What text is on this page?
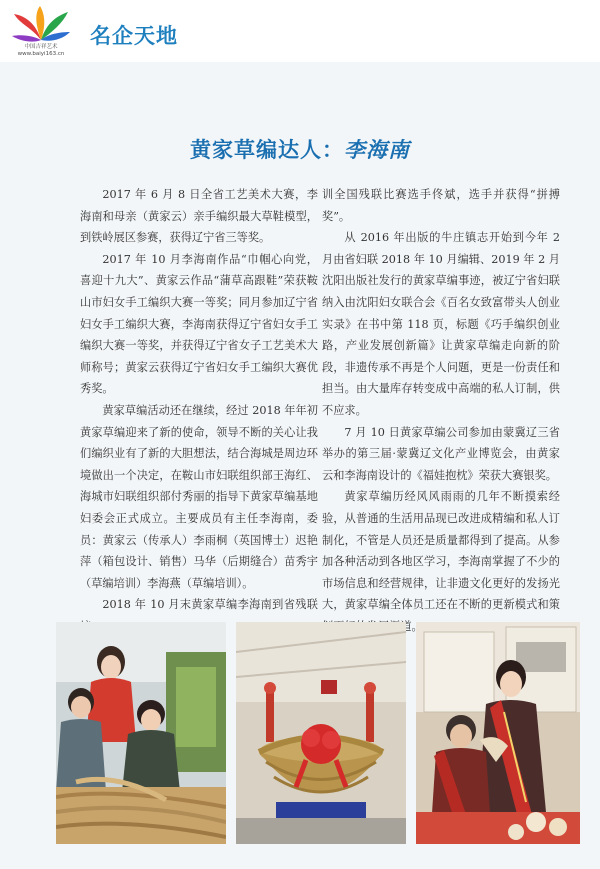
中国吉祥艺术
www.baiyi163.cn
名企天地
黄家草编达人：李海南

2017 年 6 月 8 日全省工艺美术大赛，李海南和母亲（黄家云）亲手编织最大草鞋模型，到铁岭展区参赛，获得辽宁省三等奖。

2017 年 10 月李海南作品“巾帼心向党，喜迎十九大”、黄家云作品“蒲草高跟鞋”荣获鞍山市妇女手工编织大赛一等奖；同月参加辽宁省妇女手工编织大赛，李海南获得辽宁省妇女手工编织大赛一等奖，并获得辽宁省女子工艺美术大师称号；黄家云获得辽宁省妇女手工编织大赛优秀奖。

黄家草编活动还在继续，经过 2018 年年初黄家草编迎来了新的使命，领导不断的关心让我们编织业有了新的大胆想法，结合海城是周边环境做出一个决定，在鞍山市妇联组织部王海红、海城市妇联组织部付秀丽的指导下黄家草编基地妇委会正式成立。主要成员有主任李海南，委员：黄家云（传承人）李雨桐（英国博士）迟艳萍（箱包设计、销售）马华（后期缝合）苗秀宇（草编培训）李海燕（草编培训）。

2018 年 10 月末黄家草编李海南到省残联

训全国残联比赛选手佟斌，选手并获得“拼搏奖”。

从 2016 年出版的牛庄镇志开始到今年 2 月由省妇联 2018 年 10 月编辑、2019 年 2 月沈阳出版社发行的黄家草编事迹，被辽宁省妇联纳入由沈阳妇女联合会《百名女致富带头人创业实录》在书中第 118 页，标题《巧手编织创业路，产业发展创新篇》让黄家草编走向新的阶段，非遗传承不再是个人问题，更是一份责任和担当。由大量库存转变成中高端的私人订制，供不应求。

7 月 10 日黄家草编公司参加由蒙冀辽三省举办的第三届·蒙冀辽文化产业博览会，由黄家云和李海南设计的《福娃抱枕》荣获大赛银奖。

黄家草编历经风风雨雨的几年不断摸索经验，从普通的生活用品现已改进成精编和私人订制化，不管是人员还是质量都得到了提高。从参加各种活动到各地区学习，李海南掌握了不少的市场信息和经营规律，让非遗文化更好的发扬光大，黄家草编全体员工还在不断的更新模式和策 道。
